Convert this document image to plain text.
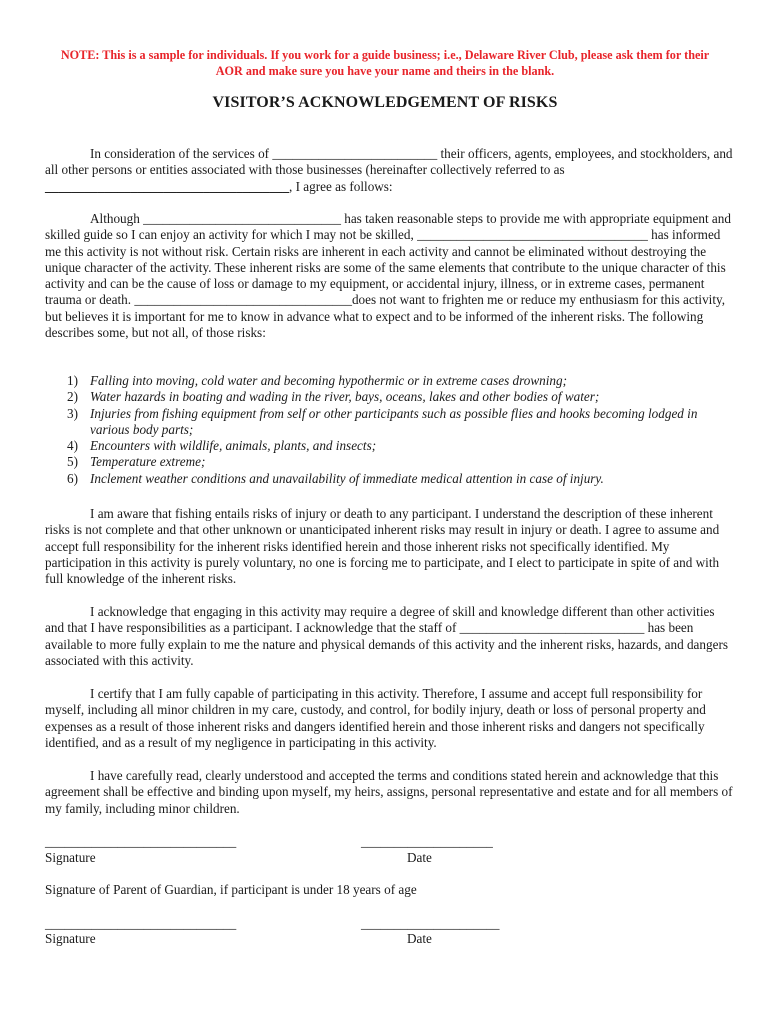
NOTE: This is a sample for individuals. If you work for a guide business; i.e., Delaware River Club, please ask them for their
AOR and make sure you have your name and theirs in the blank.
VISITOR’S ACKNOWLEDGEMENT OF RISKS
In consideration of the services of _________________________ their officers, agents, employees, and stockholders, and all other persons or entities associated with those businesses (hereinafter collectively referred to as _____________________________________, I agree as follows:
Although ______________________________ has taken reasonable steps to provide me with appropriate equipment and skilled guide so I can enjoy an activity for which I may not be skilled, ___________________________________ has informed me this activity is not without risk. Certain risks are inherent in each activity and cannot be eliminated without destroying the unique character of the activity. These inherent risks are some of the same elements that contribute to the unique character of this activity and can be the cause of loss or damage to my equipment, or accidental injury, illness, or in extreme cases, permanent trauma or death. _________________________________does not want to frighten me or reduce my enthusiasm for this activity, but believes it is important for me to know in advance what to expect and to be informed of the inherent risks. The following describes some, but not all, of those risks:
1) Falling into moving, cold water and becoming hypothermic or in extreme cases drowning;
2) Water hazards in boating and wading in the river, bays, oceans, lakes and other bodies of water;
3) Injuries from fishing equipment from self or other participants such as possible flies and hooks becoming lodged in various body parts;
4) Encounters with wildlife, animals, plants, and insects;
5) Temperature extreme;
6) Inclement weather conditions and unavailability of immediate medical attention in case of injury.
I am aware that fishing entails risks of injury or death to any participant. I understand the description of these inherent risks is not complete and that other unknown or unanticipated inherent risks may result in injury or death. I agree to assume and accept full responsibility for the inherent risks identified herein and those inherent risks not specifically identified. My participation in this activity is purely voluntary, no one is forcing me to participate, and I elect to participate in spite of and with full knowledge of the inherent risks.
I acknowledge that engaging in this activity may require a degree of skill and knowledge different than other activities and that I have responsibilities as a participant. I acknowledge that the staff of ____________________________ has been available to more fully explain to me the nature and physical demands of this activity and the inherent risks, hazards, and dangers associated with this activity.
I certify that I am fully capable of participating in this activity. Therefore, I assume and accept full responsibility for myself, including all minor children in my care, custody, and control, for bodily injury, death or loss of personal property and expenses as a result of those inherent risks and dangers identified herein and those inherent risks and dangers not specifically identified, and as a result of my negligence in participating in this activity.
I have carefully read, clearly understood and accepted the terms and conditions stated herein and acknowledge that this agreement shall be effective and binding upon myself, my heirs, assigns, personal representative and estate and for all members of my family, including minor children.
_____________________________	____________________
Signature	Date
Signature of Parent of Guardian, if participant is under 18 years of age
_____________________________	_____________________
Signature	Date
